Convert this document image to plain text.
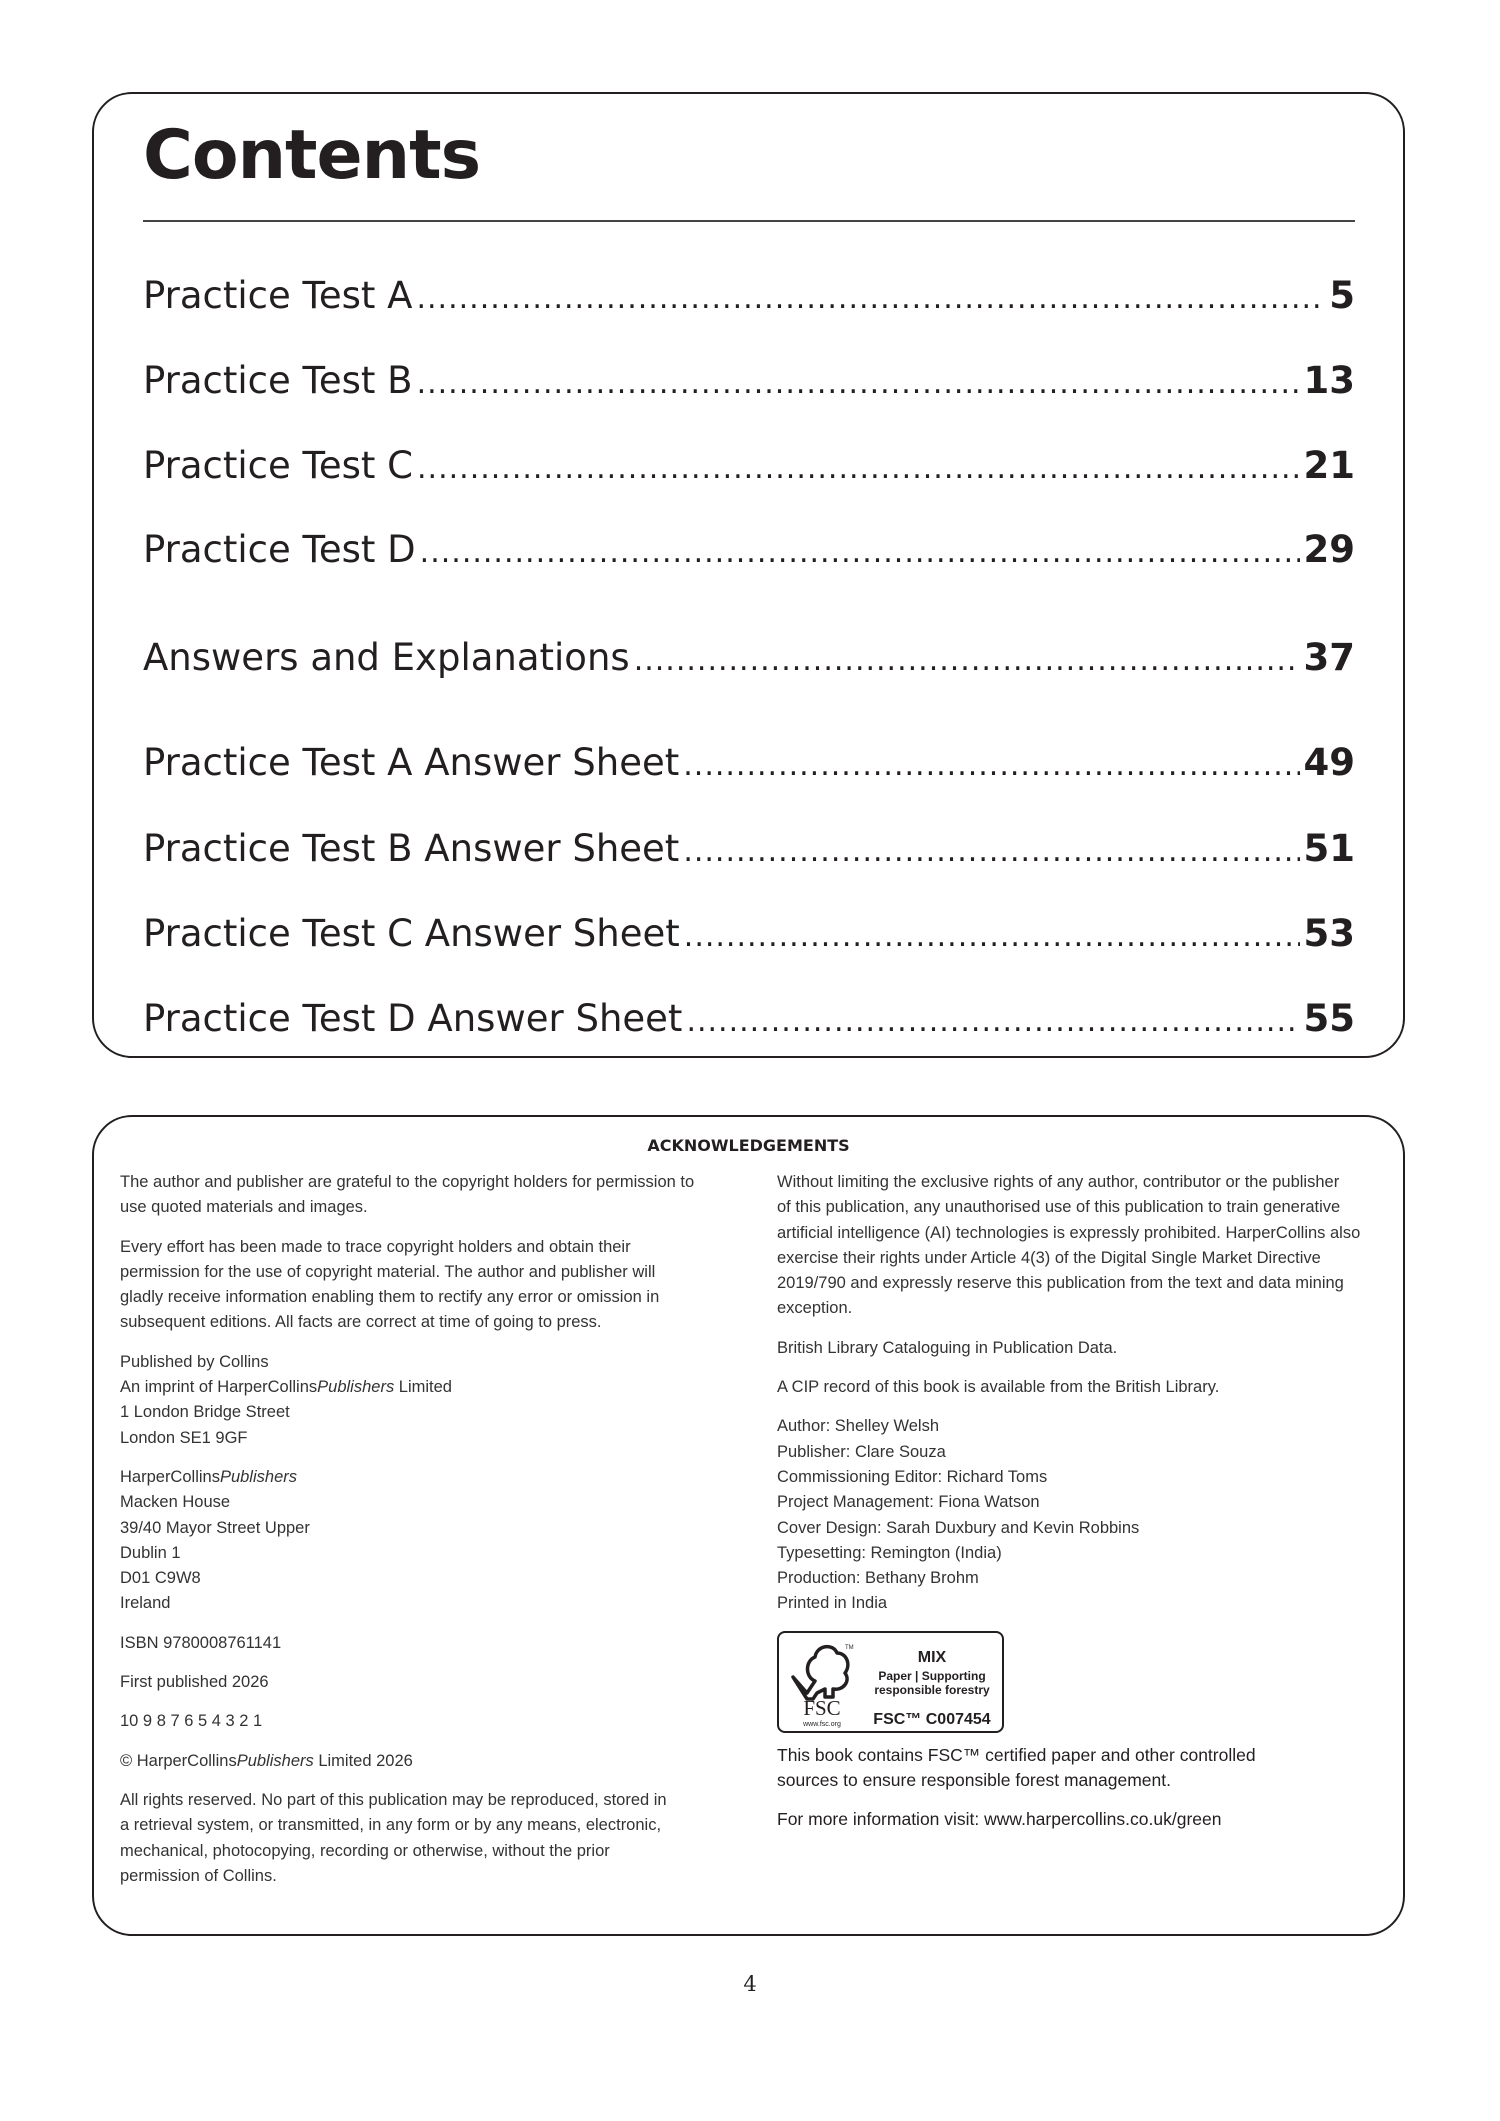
Contents
Practice Test A .....	5
Practice Test B .....	13
Practice Test C .....	21
Practice Test D .....	29
Answers and Explanations .....	37
Practice Test A Answer Sheet .....	49
Practice Test B Answer Sheet .....	51
Practice Test C Answer Sheet .....	53
Practice Test D Answer Sheet .....	55
ACKNOWLEDGEMENTS

The author and publisher are grateful to the copyright holders for permission to
use quoted materials and images.

Every effort has been made to trace copyright holders and obtain their
permission for the use of copyright material. The author and publisher will
gladly receive information enabling them to rectify any error or omission in
subsequent editions. All facts are correct at time of going to press.

Published by Collins
An imprint of HarperCollinsPublishers Limited
1 London Bridge Street
London SE1 9GF

HarperCollinsPublishers
Macken House
39/40 Mayor Street Upper
Dublin 1
D01 C9W8
Ireland

ISBN 9780008761141

First published 2026

10 9 8 7 6 5 4 3 2 1

© HarperCollinsPublishers Limited 2026

All rights reserved. No part of this publication may be reproduced, stored in
a retrieval system, or transmitted, in any form or by any means, electronic,
mechanical, photocopying, recording or otherwise, without the prior
permission of Collins.

Without limiting the exclusive rights of any author, contributor or the publisher
of this publication, any unauthorised use of this publication to train generative
artificial intelligence (AI) technologies is expressly prohibited. HarperCollins also
exercise their rights under Article 4(3) of the Digital Single Market Directive
2019/790 and expressly reserve this publication from the text and data mining
exception.

British Library Cataloguing in Publication Data.

A CIP record of this book is available from the British Library.

Author: Shelley Welsh
Publisher: Clare Souza
Commissioning Editor: Richard Toms
Project Management: Fiona Watson
Cover Design: Sarah Duxbury and Kevin Robbins
Typesetting: Remington (India)
Production: Bethany Brohm
Printed in India

TM
FSC
www.fsc.org
MIX
Paper | Supporting
responsible forestry
FSC™ C007454

This book contains FSC™ certified paper and other controlled
sources to ensure responsible forest management.

For more information visit: www.harpercollins.co.uk/green

4
